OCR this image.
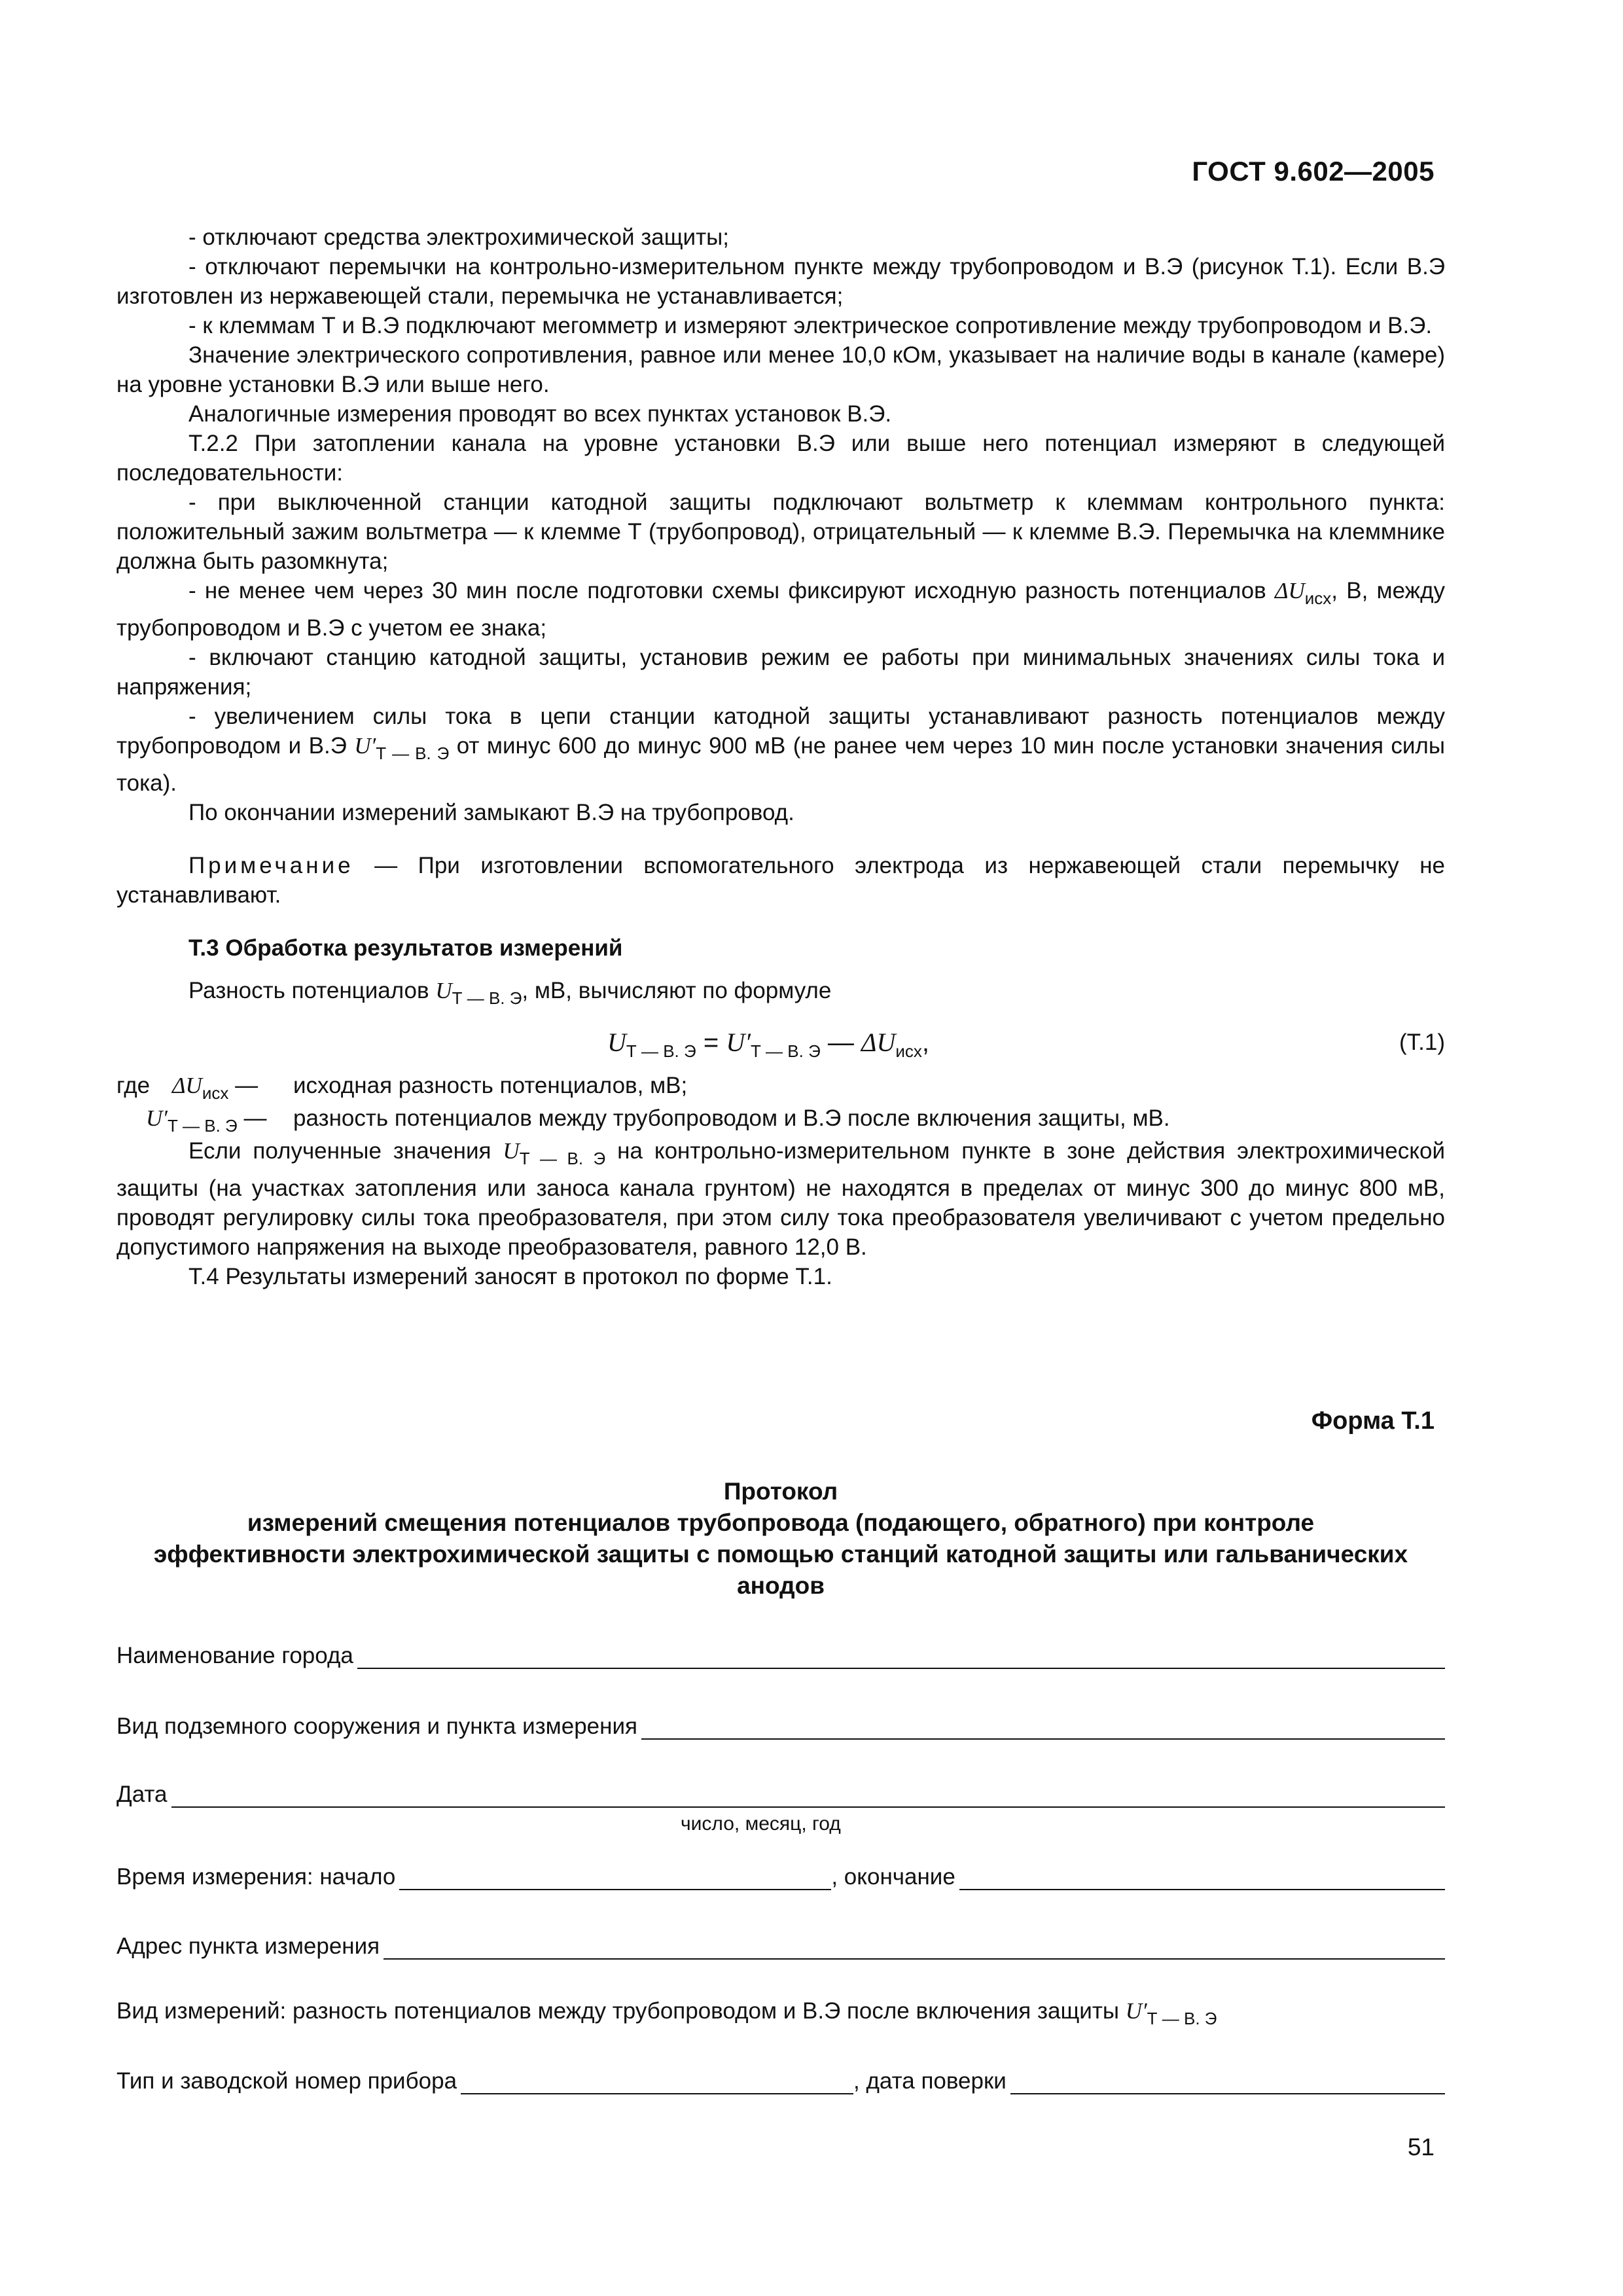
ГОСТ 9.602—2005

- отключают средства электрохимической защиты;

- отключают перемычки на контрольно-измерительном пункте между трубопроводом и В.Э (рисунок Т.1). Если В.Э изготовлен из нержавеющей стали, перемычка не устанавливается;

- к клеммам Т и В.Э подключают мегомметр и измеряют электрическое сопротивление между трубопроводом и В.Э.

Значение электрического сопротивления, равное или менее 10,0 кОм, указывает на наличие воды в канале (камере) на уровне установки В.Э или выше него.

Аналогичные измерения проводят во всех пунктах установок В.Э.

Т.2.2 При затоплении канала на уровне установки В.Э или выше него потенциал измеряют в следующей последовательности:

- при выключенной станции катодной защиты подключают вольтметр к клеммам контрольного пункта: положительный зажим вольтметра — к клемме Т (трубопровод), отрицательный — к клемме В.Э. Перемычка на клеммнике должна быть разомкнута;

- не менее чем через 30 мин после подготовки схемы фиксируют исходную разность потенциалов $\Delta U_{исх}$, В, между трубопроводом и В.Э с учетом ее знака;

- включают станцию катодной защиты, установив режим ее работы при минимальных значениях силы тока и напряжения;

- увеличением силы тока в цепи станции катодной защиты устанавливают разность потенциалов между трубопроводом и В.Э $U'_{Т — В. Э}$ от минус 600 до минус 900 мВ (не ранее чем через 10 мин после установки значения силы тока).

По окончании измерений замыкают В.Э на трубопровод.

Примечание — При изготовлении вспомогательного электрода из нержавеющей стали перемычку не устанавливают.

Т.3 Обработка результатов измерений

Разность потенциалов $U_{Т — В. Э}$, мВ, вычисляют по формуле

$U_{Т — В. Э} = U'_{Т — В. Э}$ — $\Delta U_{исх}$,	(Т.1)
где $\Delta U_{исх}$ — исходная разность потенциалов, мВ;
$U'_{Т — В. Э}$ — разность потенциалов между трубопроводом и В.Э после включения защиты, мВ.

Если полученные значения $U_{Т — В. Э}$ на контрольно-измерительном пункте в зоне действия электрохимической защиты (на участках затопления или заноса канала грунтом) не находятся в пределах от минус 300 до минус 800 мВ, проводят регулировку силы тока преобразователя, при этом силу тока преобразователя увеличивают с учетом предельно допустимого напряжения на выходе преобразователя, равного 12,0 В.

Т.4 Результаты измерений заносят в протокол по форме Т.1.

Форма Т.1
Протокол
измерений смещения потенциалов трубопровода (подающего, обратного) при контроле
эффективности электрохимической защиты с помощью станций катодной защиты или гальванических
анодов
Наименование города
Вид подземного сооружения и пункта измерения
Дата
число, месяц, год
Время измерения: начало	, окончание
Адрес пункта измерения
Вид измерений: разность потенциалов между трубопроводом и В.Э после включения защиты $U'_{Т — В. Э}$
Тип и заводской номер прибора	, дата поверки
51
